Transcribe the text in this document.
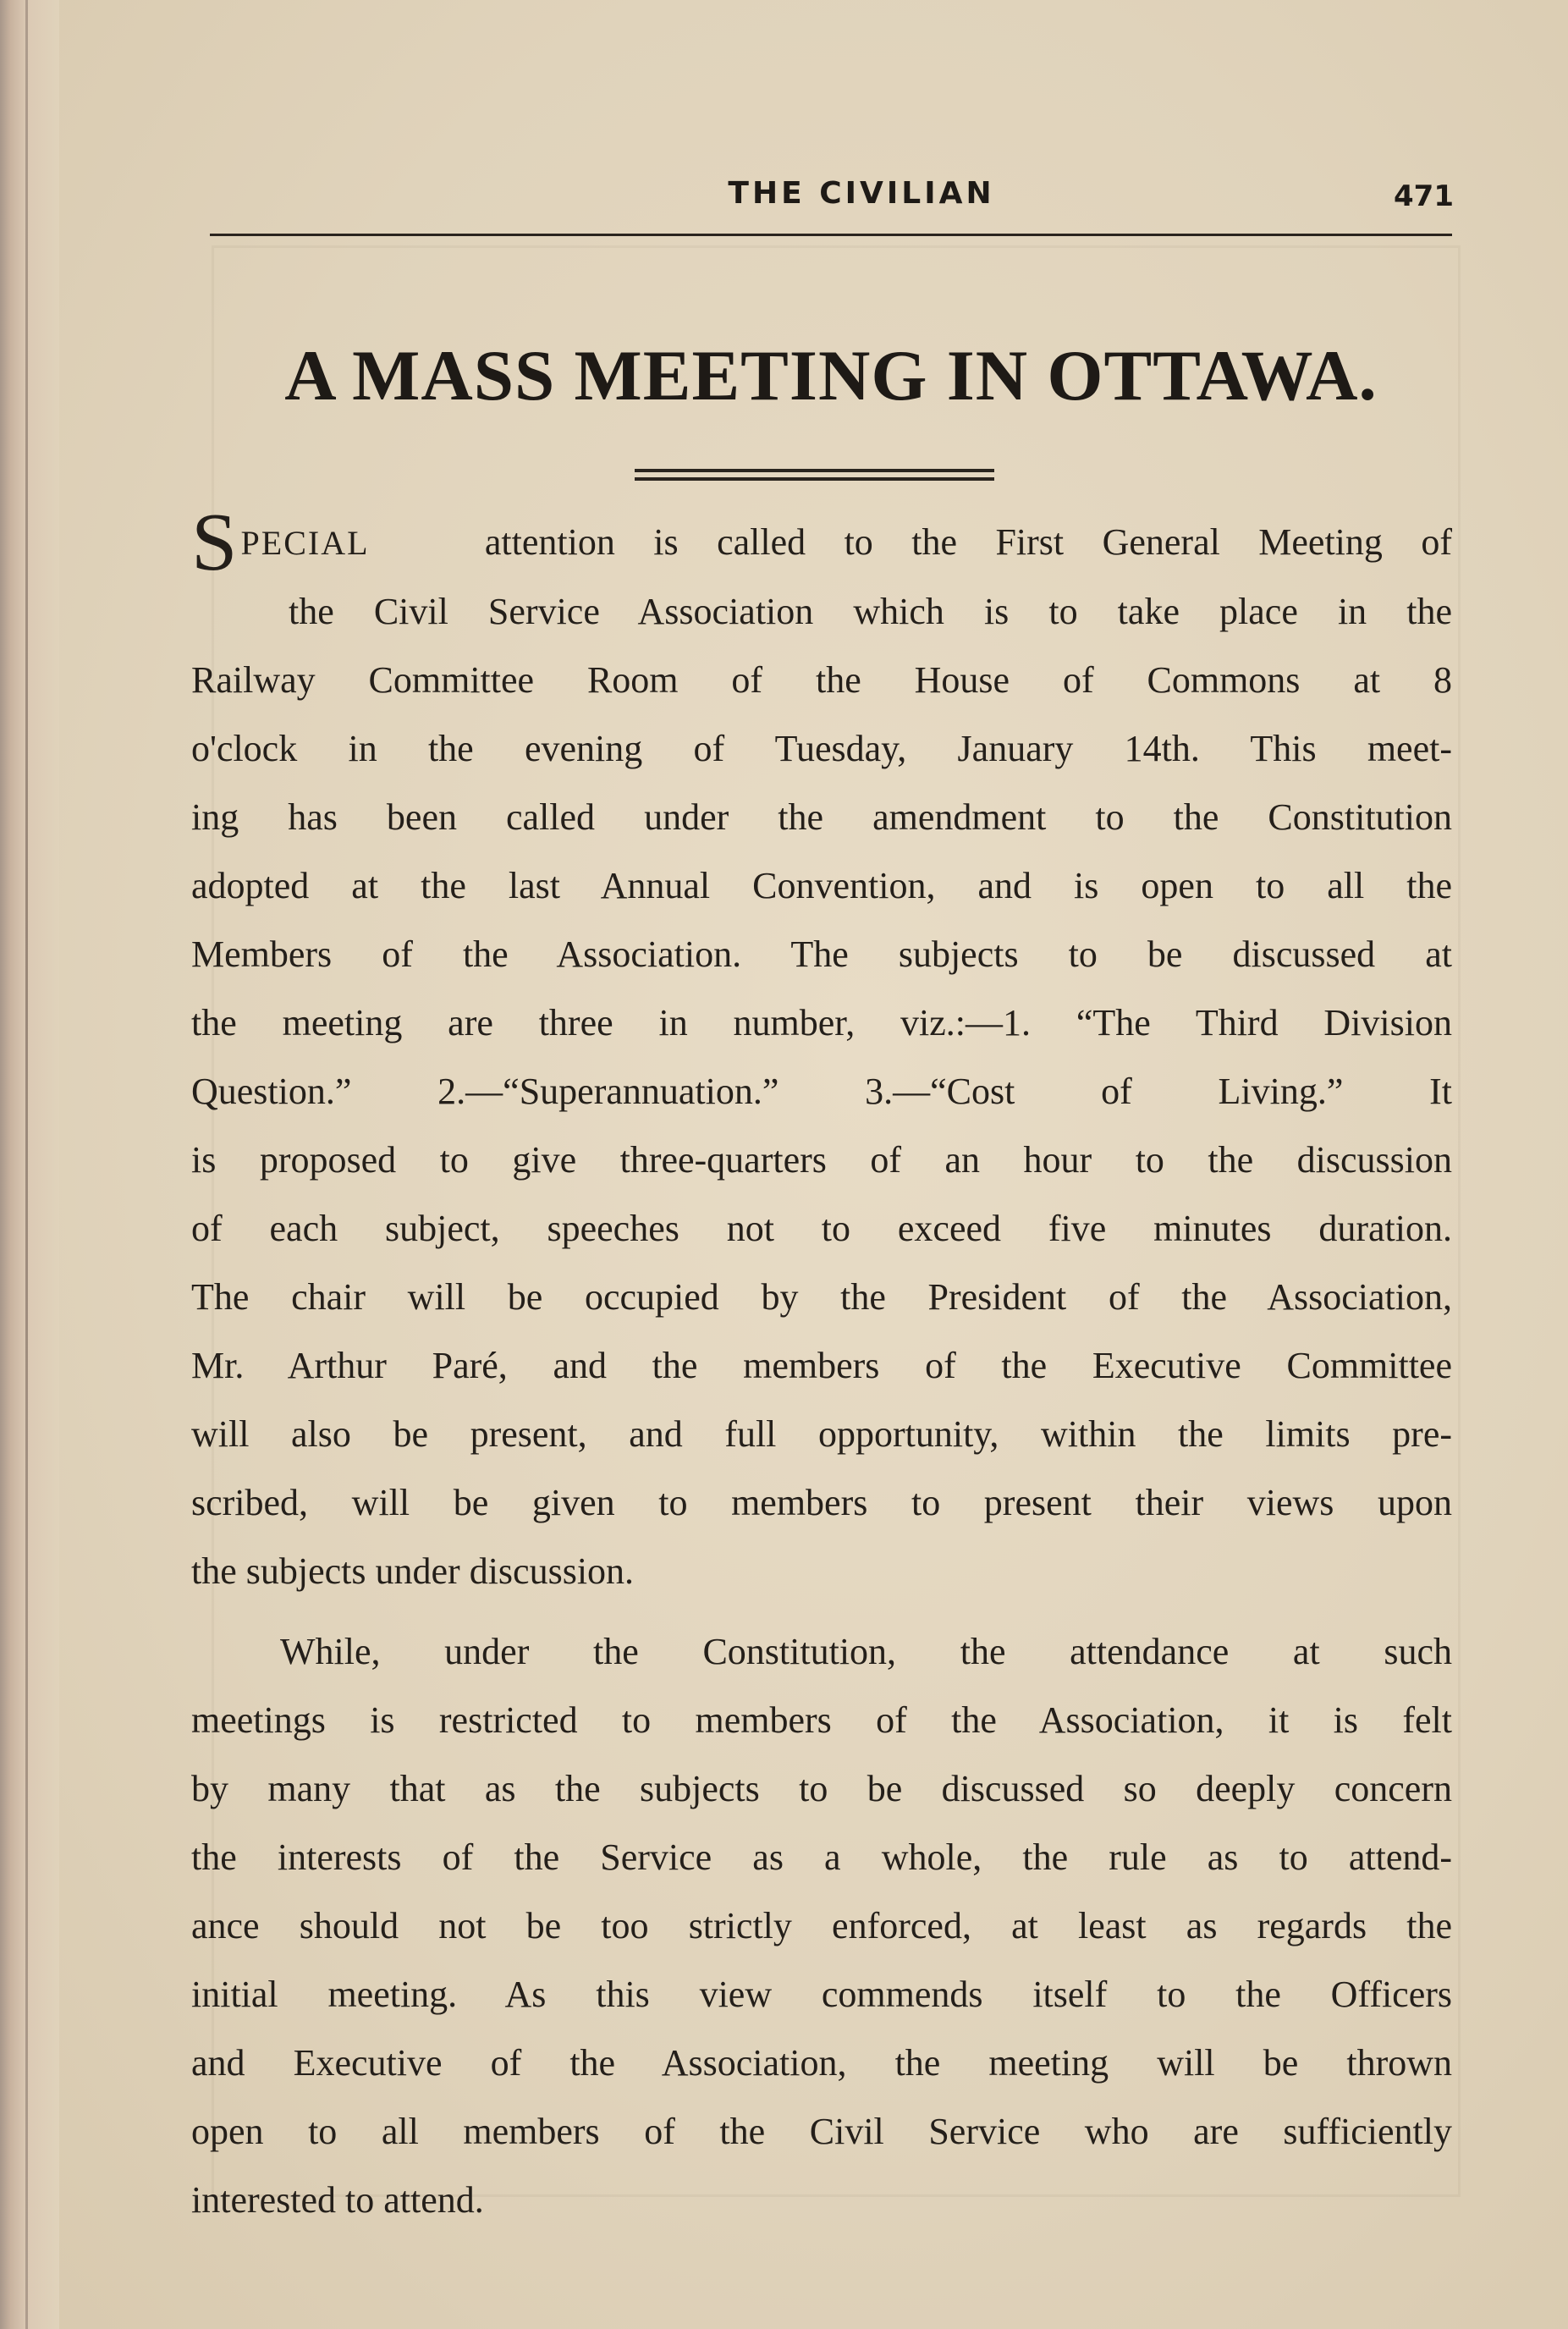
THE CIVILIAN	471
A MASS MEETING IN OTTAWA.
SPECIAL	attention is called to the First General Meeting of
the Civil Service Association which is to take place in the
Railway Committee Room of the House of Commons at 8
o'clock in the evening of Tuesday, January 14th. This meet-
ing has been called under the amendment to the Constitution
adopted at the last Annual Convention, and is open to all the
Members of the Association. The subjects to be discussed at
the meeting are three in number, viz.:—1. “The Third Division
Question.” 2.—“Superannuation.” 3.—“Cost of Living.” It
is proposed to give three-quarters of an hour to the discussion
of each subject, speeches not to exceed five minutes duration.
The chair will be occupied by the President of the Association,
Mr. Arthur Paré, and the members of the Executive Committee
will also be present, and full opportunity, within the limits pre-
scribed, will be given to members to present their views upon
the subjects under discussion.
While, under the Constitution, the attendance at such
meetings is restricted to members of the Association, it is felt
by many that as the subjects to be discussed so deeply concern
the interests of the Service as a whole, the rule as to attend-
ance should not be too strictly enforced, at least as regards the
initial meeting. As this view commends itself to the Officers
and Executive of the Association, the meeting will be thrown
open to all members of the Civil Service who are sufficiently
interested to attend.
